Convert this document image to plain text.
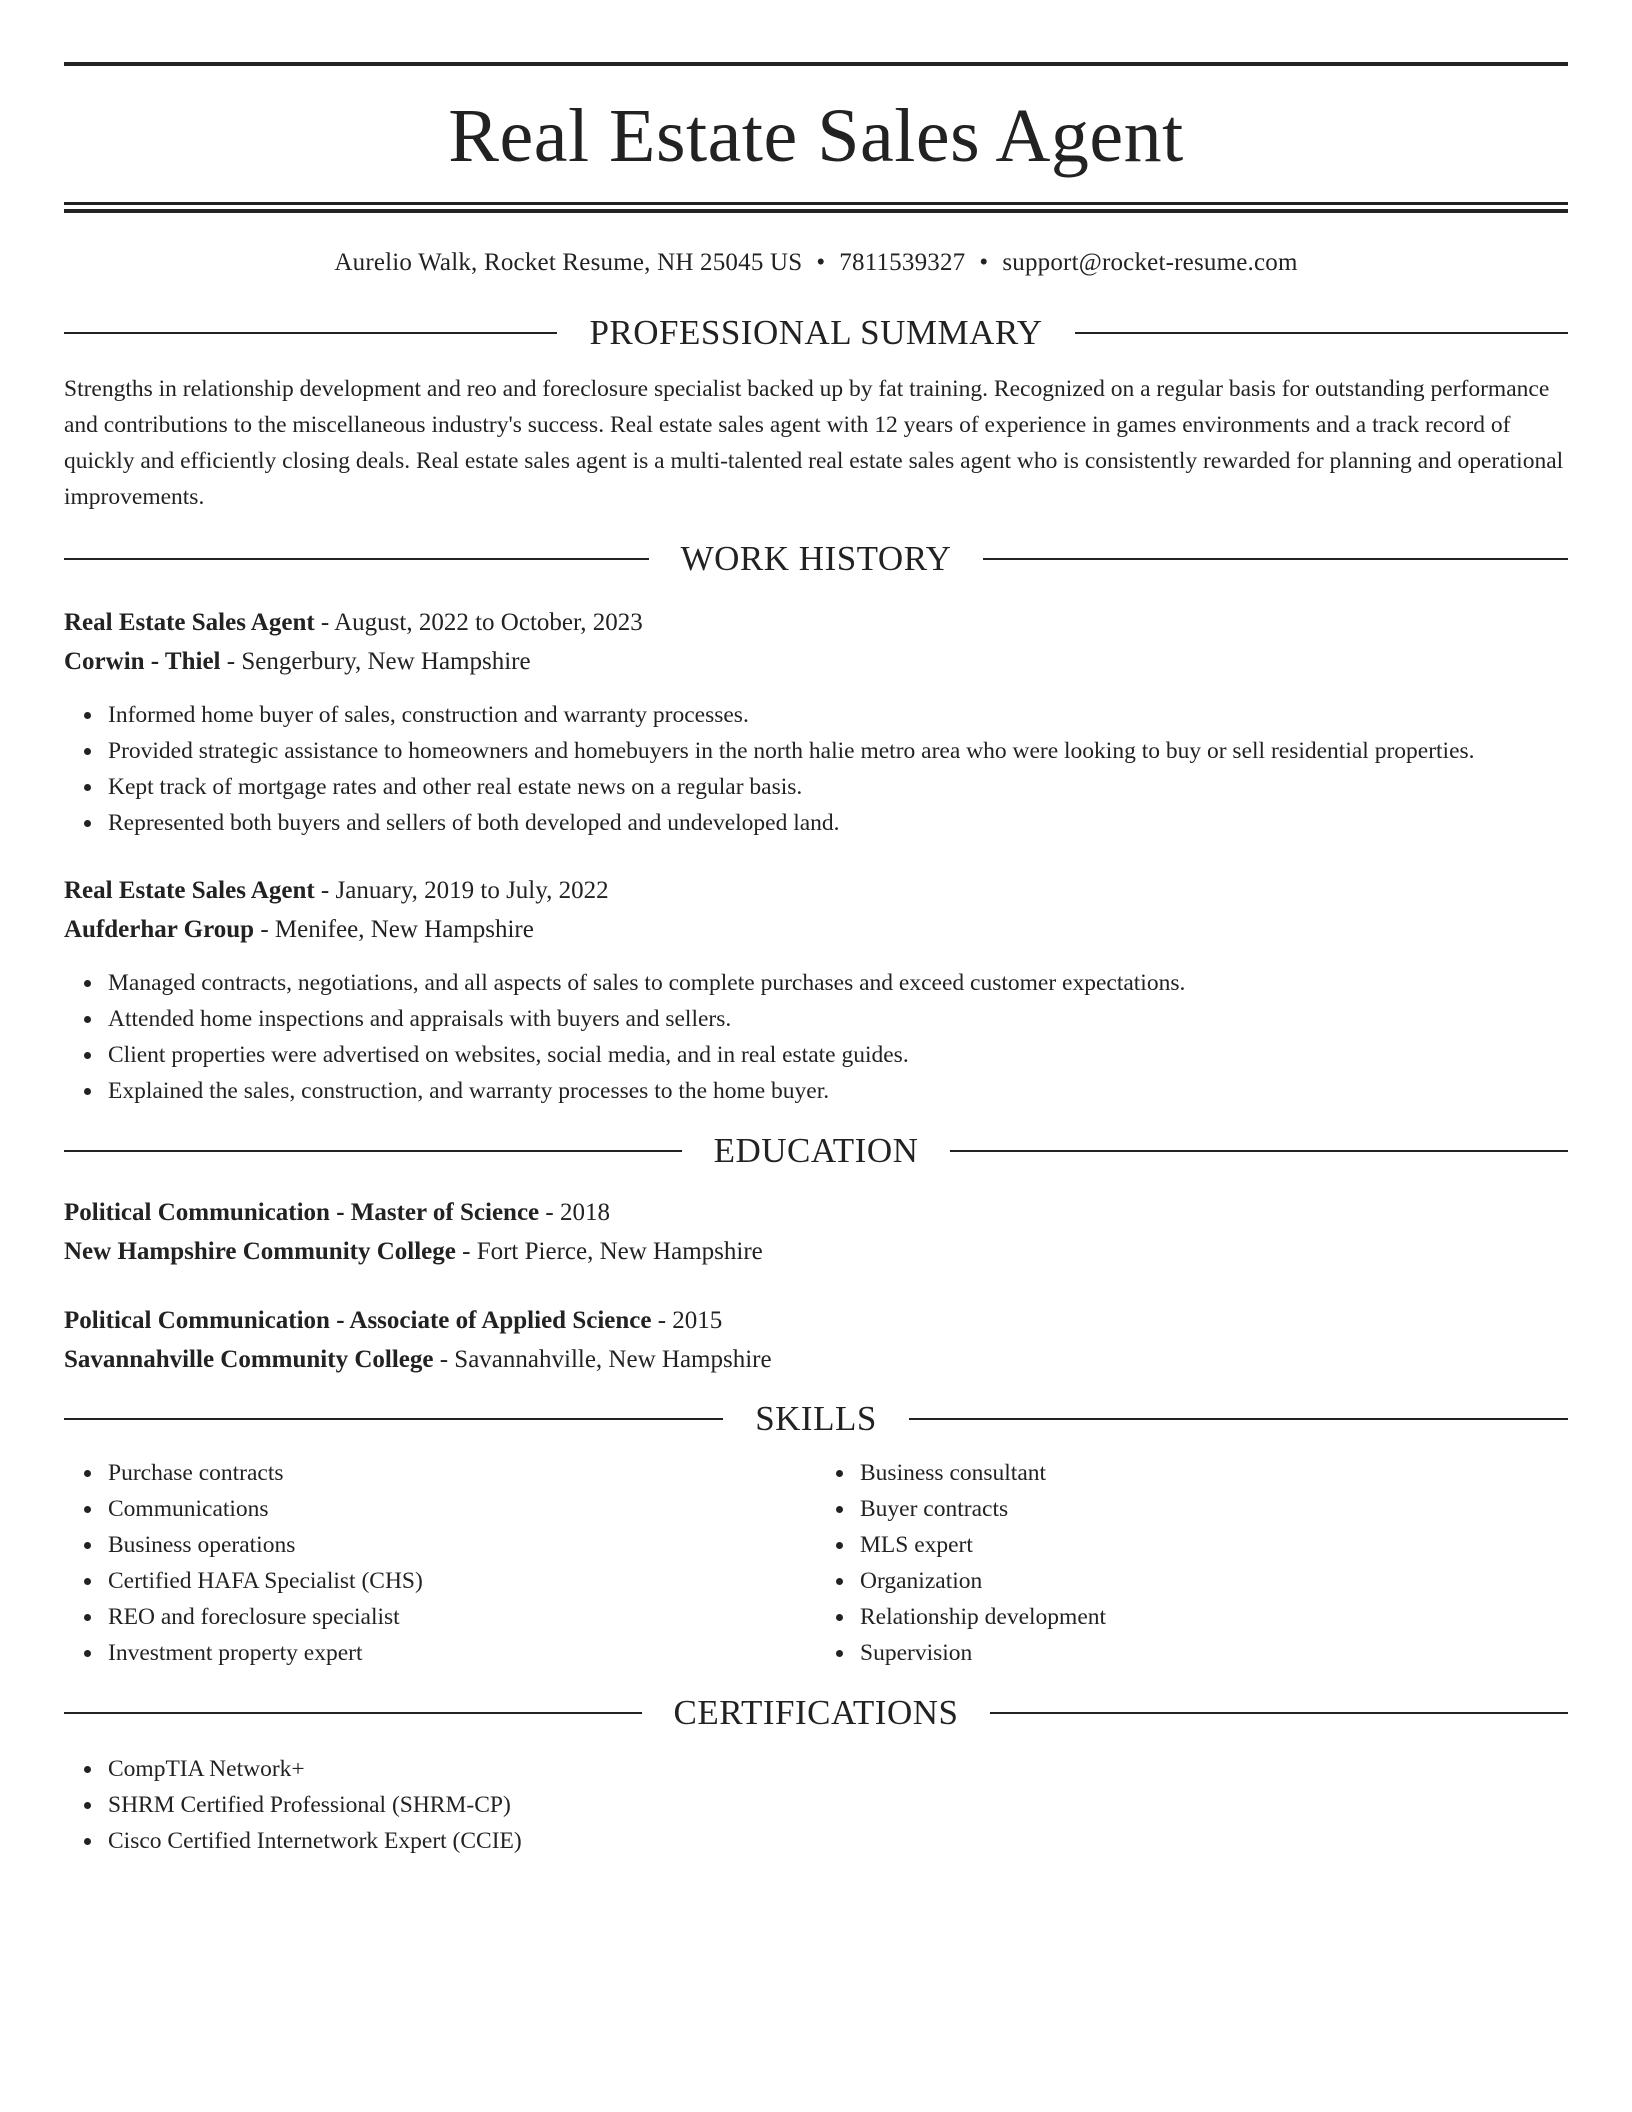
Real Estate Sales Agent
Aurelio Walk, Rocket Resume, NH 25045 US • 7811539327 • support@rocket-resume.com
PROFESSIONAL SUMMARY
Strengths in relationship development and reo and foreclosure specialist backed up by fat training. Recognized on a regular basis for outstanding performance and contributions to the miscellaneous industry's success. Real estate sales agent with 12 years of experience in games environments and a track record of quickly and efficiently closing deals. Real estate sales agent is a multi-talented real estate sales agent who is consistently rewarded for planning and operational improvements.
WORK HISTORY
Real Estate Sales Agent - August, 2022 to October, 2023
Corwin - Thiel - Sengerbury, New Hampshire
Informed home buyer of sales, construction and warranty processes.
Provided strategic assistance to homeowners and homebuyers in the north halie metro area who were looking to buy or sell residential properties.
Kept track of mortgage rates and other real estate news on a regular basis.
Represented both buyers and sellers of both developed and undeveloped land.
Real Estate Sales Agent - January, 2019 to July, 2022
Aufderhar Group - Menifee, New Hampshire
Managed contracts, negotiations, and all aspects of sales to complete purchases and exceed customer expectations.
Attended home inspections and appraisals with buyers and sellers.
Client properties were advertised on websites, social media, and in real estate guides.
Explained the sales, construction, and warranty processes to the home buyer.
EDUCATION
Political Communication - Master of Science - 2018
New Hampshire Community College - Fort Pierce, New Hampshire
Political Communication - Associate of Applied Science - 2015
Savannahville Community College - Savannahville, New Hampshire
SKILLS
Purchase contracts
Communications
Business operations
Certified HAFA Specialist (CHS)
REO and foreclosure specialist
Investment property expert
Business consultant
Buyer contracts
MLS expert
Organization
Relationship development
Supervision
CERTIFICATIONS
CompTIA Network+
SHRM Certified Professional (SHRM-CP)
Cisco Certified Internetwork Expert (CCIE)
